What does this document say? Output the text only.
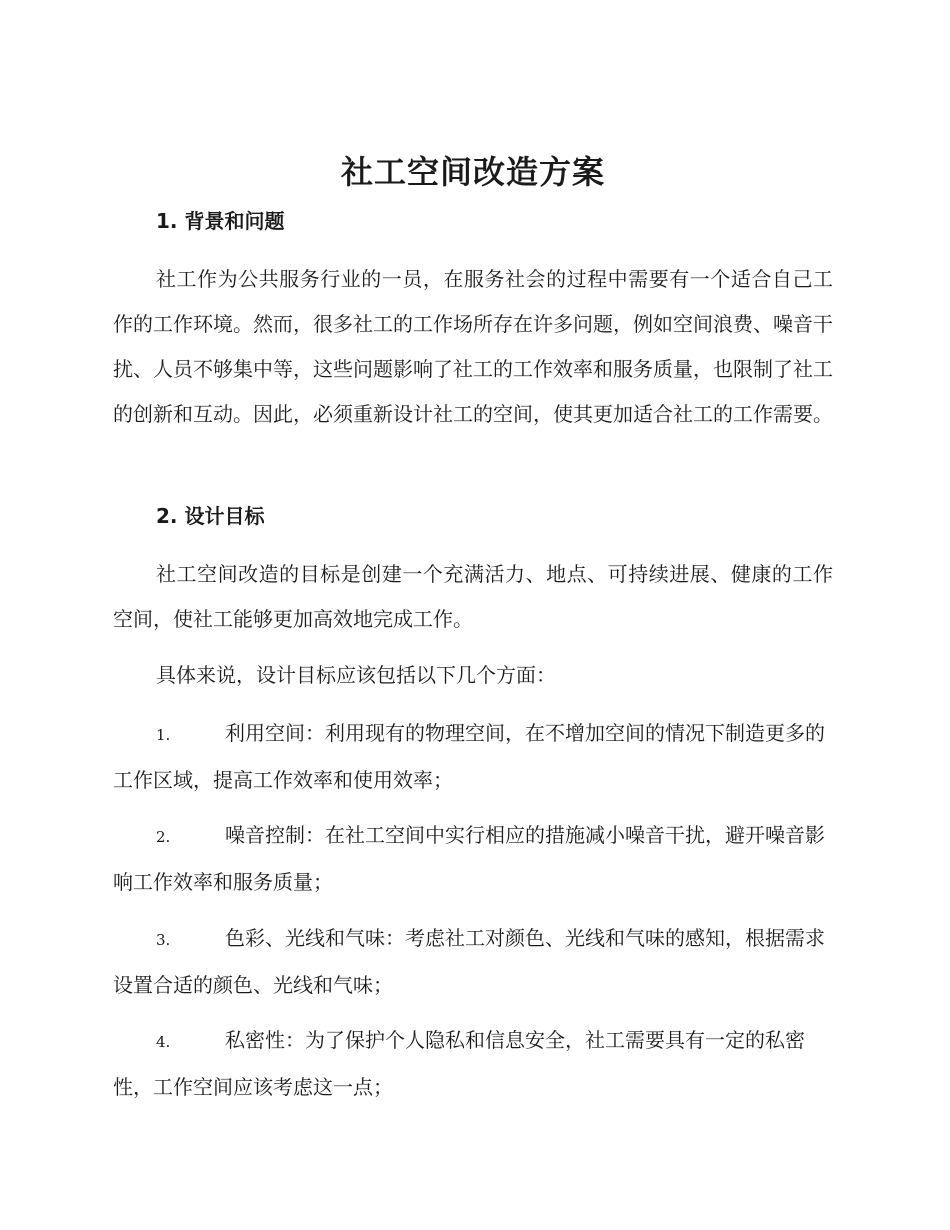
社工空间改造方案
1. 背景和问题

社工作为公共服务行业的一员，在服务社会的过程中需要有一个适合自己工作的工作环境。然而，很多社工的工作场所存在许多问题，例如空间浪费、噪音干扰、人员不够集中等，这些问题影响了社工的工作效率和服务质量，也限制了社工的创新和互动。因此，必须重新设计社工的空间，使其更加适合社工的工作需要。

2. 设计目标

社工空间改造的目标是创建一个充满活力、地点、可持续进展、健康的工作空间，使社工能够更加高效地完成工作。

具体来说，设计目标应该包括以下几个方面：

1.	利用空间：利用现有的物理空间，在不增加空间的情况下制造更多的工作区域，提高工作效率和使用效率；

2.	噪音控制：在社工空间中实行相应的措施减小噪音干扰，避开噪音影响工作效率和服务质量；

3.	色彩、光线和气味：考虑社工对颜色、光线和气味的感知，根据需求设置合适的颜色、光线和气味；

4.	私密性：为了保护个人隐私和信息安全，社工需要具有一定的私密性，工作空间应该考虑这一点；
